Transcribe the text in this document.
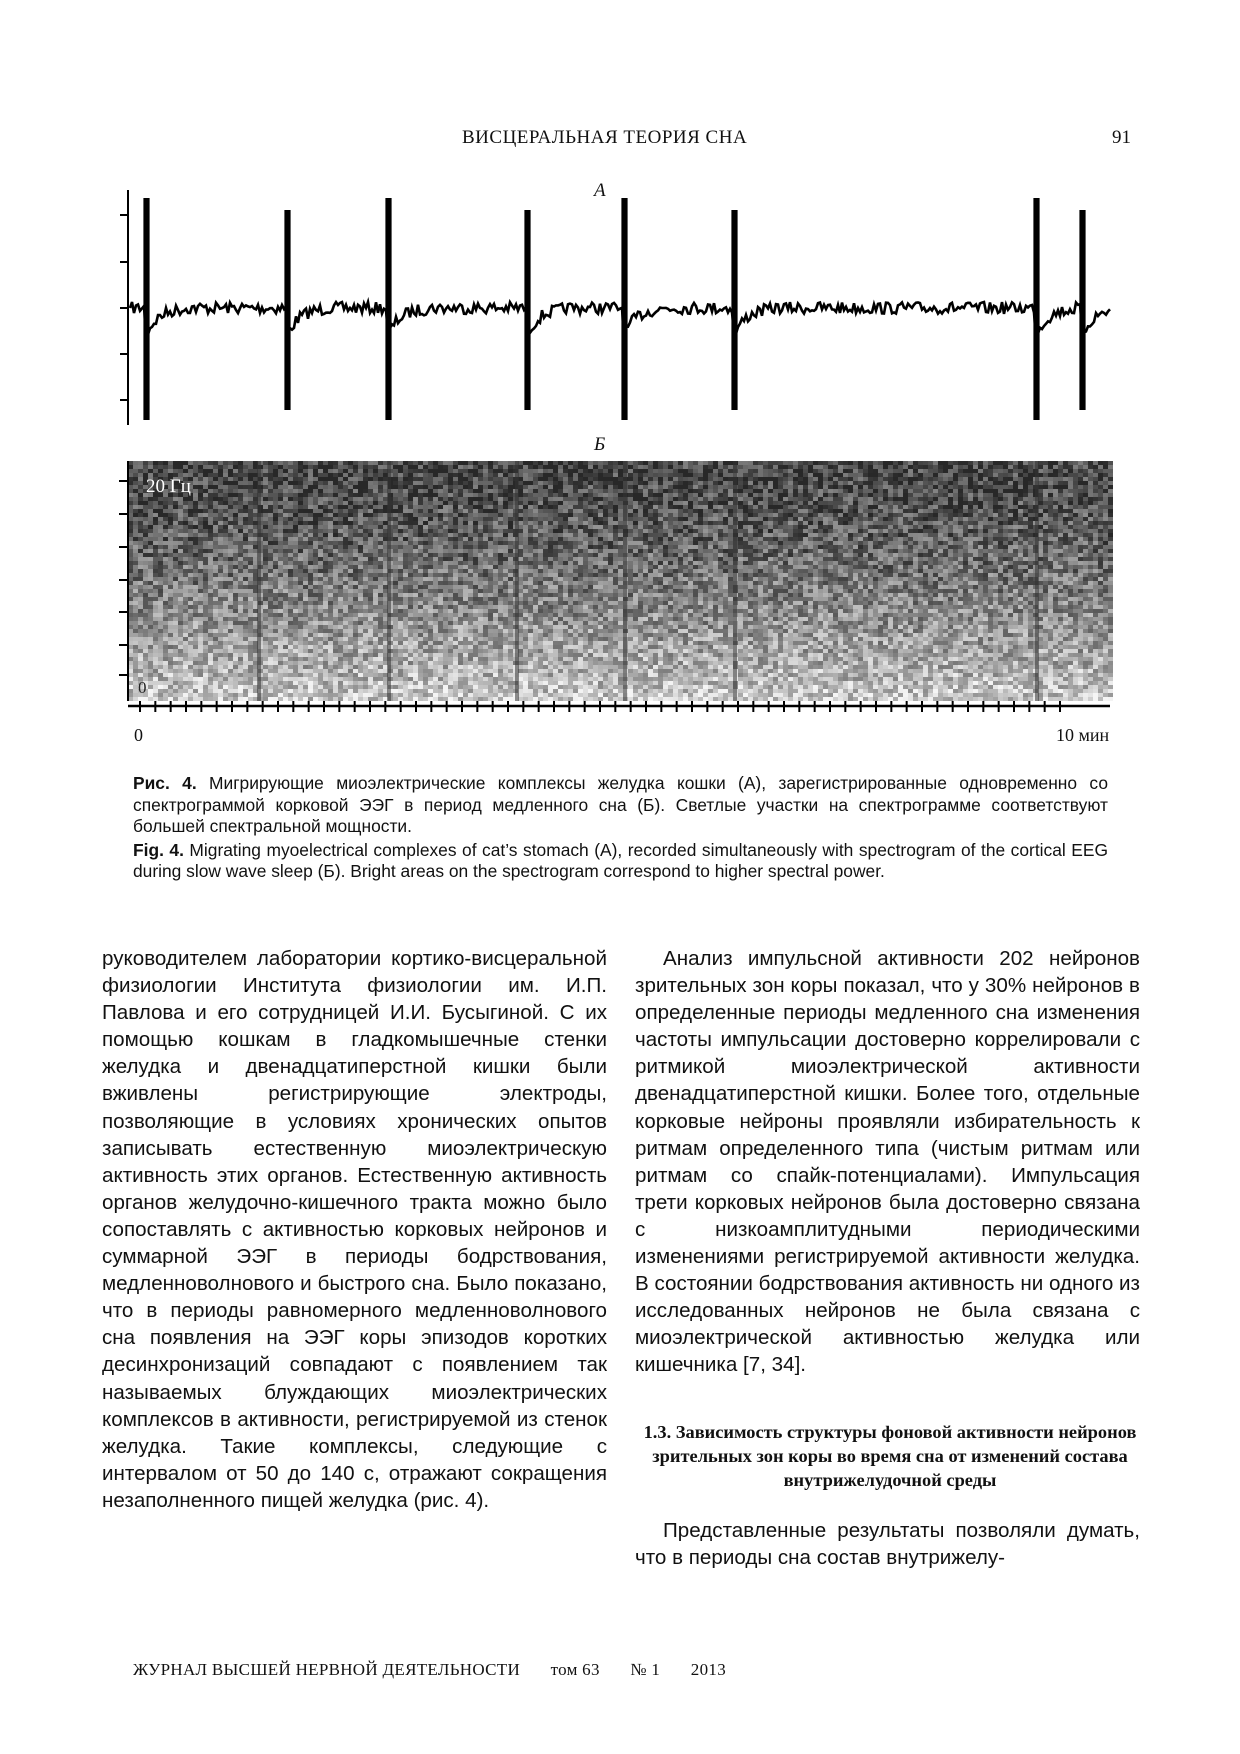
ВИСЦЕРАЛЬНАЯ ТЕОРИЯ СНА	91
А
Б
20 Гц
0
0	10 мин

Рис. 4. Мигрирующие миоэлектрические комплексы желудка кошки (А), зарегистрированные одновременно со спектрограммой корковой ЭЭГ в период медленного сна (Б). Светлые участки на спектрограмме соответствуют большей спектральной мощности.

Fig. 4. Migrating myoelectrical complexes of cat’s stomach (A), recorded simultaneously with spectrogram of the cortical EEG during slow wave sleep (Б). Bright areas on the spectrogram correspond to higher spectral power.

руководителем лаборатории кортико-висцеральной физиологии Института физиологии им. И.П. Павлова и его сотрудницей И.И. Бусыгиной. С их помощью кошкам в гладкомышечные стенки желудка и двенадцатиперстной кишки были вживлены регистрирующие электроды, позволяющие в условиях хронических опытов записывать естественную миоэлектрическую активность этих органов. Естественную активность органов желудочно-кишечного тракта можно было сопоставлять с активностью корковых нейронов и суммарной ЭЭГ в периоды бодрствования, медленноволнового и быстрого сна. Было показано, что в периоды равномерного медленноволнового сна появления на ЭЭГ коры эпизодов коротких десинхронизаций совпадают с появлением так называемых блуждающих миоэлектрических комплексов в активности, регистрируемой из стенок желудка. Такие комплексы, следующие с интервалом от 50 до 140 с, отражают сокращения незаполненного пищей желудка (рис. 4).

Анализ импульсной активности 202 нейронов зрительных зон коры показал, что у 30% нейронов в определенные периоды медленного сна изменения частоты импульсации достоверно коррелировали с ритмикой миоэлектрической активности двенадцатиперстной кишки. Более того, отдельные корковые нейроны проявляли избирательность к ритмам определенного типа (чистым ритмам или ритмам со спайк-потенциалами). Импульсация трети корковых нейронов была достоверно связана с низкоамплитудными периодическими изменениями регистрируемой активности желудка. В состоянии бодрствования активность ни одного из исследованных нейронов не была связана с миоэлектрической активностью желудка или кишечника [7, 34].

1.3. Зависимость структуры фоновой активности нейронов зрительных зон коры во время сна от изменений состава внутрижелудочной среды

Представленные результаты позволяли думать, что в периоды сна состав внутрижелу-

ЖУРНАЛ ВЫСШЕЙ НЕРВНОЙ ДЕЯТЕЛЬНОСТИ том 63 № 1 2013
